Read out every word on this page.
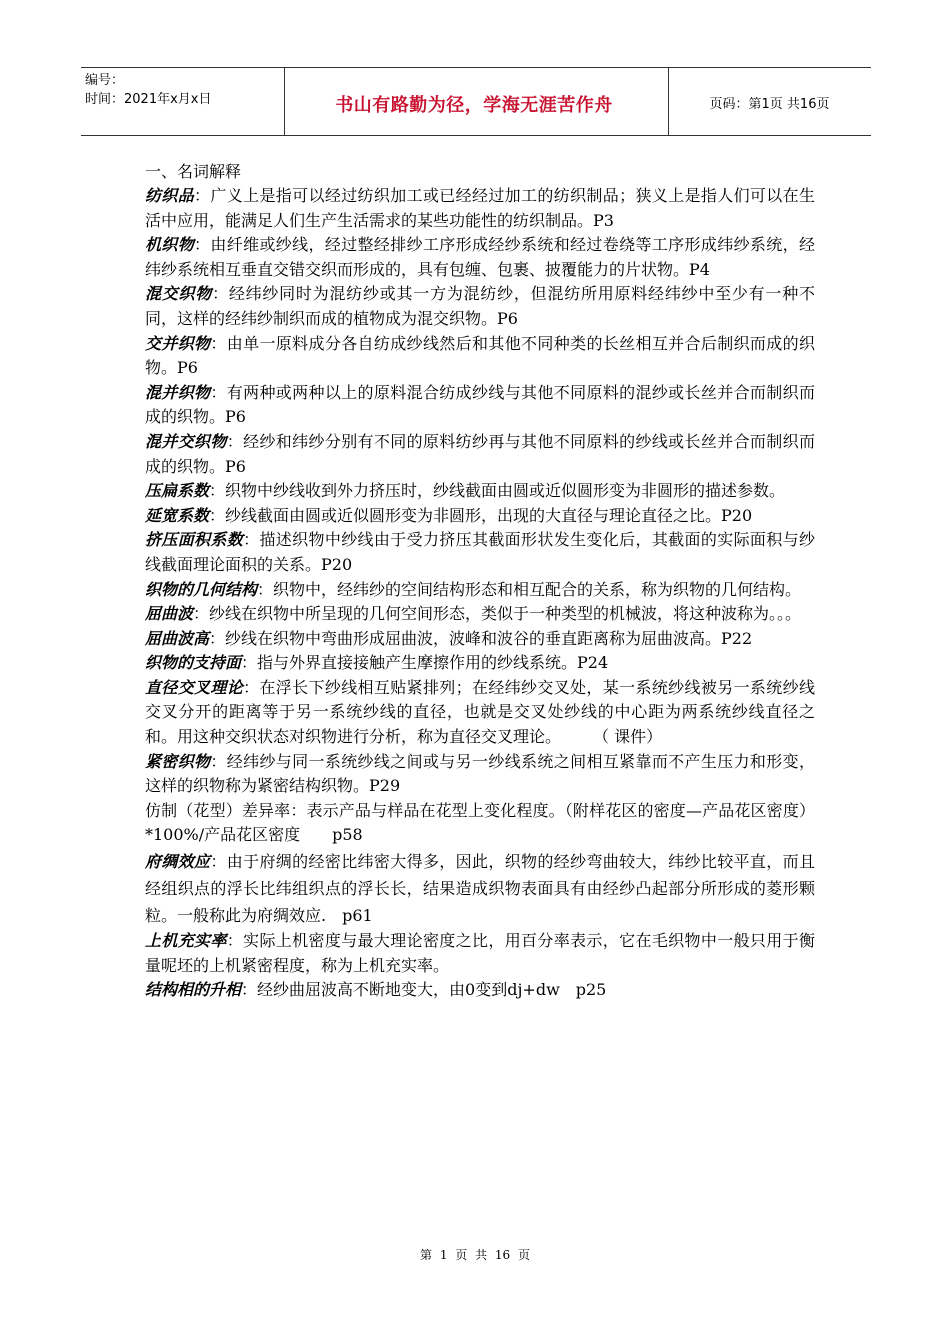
编号：
时间：2021年x月x日	书山有路勤为径，学海无涯苦作舟	页码：第1页 共16页
一、名词解释
纺织品：广义上是指可以经过纺织加工或已经经过加工的纺织制品；狭义上是指人们可以在生活中应用，能满足人们生产生活需求的某些功能性的纺织制品。P3
机织物：由纤维或纱线，经过整经排纱工序形成经纱系统和经过卷绕等工序形成纬纱系统，经纬纱系统相互垂直交错交织而形成的，具有包缠、包裹、披覆能力的片状物。P4
混交织物：经纬纱同时为混纺纱或其一方为混纺纱，但混纺所用原料经纬纱中至少有一种不同，这样的经纬纱制织而成的植物成为混交织物。P6
交并织物：由单一原料成分各自纺成纱线然后和其他不同种类的长丝相互并合后制织而成的织物。P6
混并织物：有两种或两种以上的原料混合纺成纱线与其他不同原料的混纱或长丝并合而制织而成的织物。P6
混并交织物：经纱和纬纱分别有不同的原料纺纱再与其他不同原料的纱线或长丝并合而制织而成的织物。P6
压扁系数：织物中纱线收到外力挤压时，纱线截面由圆或近似圆形变为非圆形的描述参数。
延宽系数：纱线截面由圆或近似圆形变为非圆形，出现的大直径与理论直径之比。P20
挤压面积系数：描述织物中纱线由于受力挤压其截面形状发生变化后，其截面的实际面积与纱线截面理论面积的关系。P20
织物的几何结构：织物中，经纬纱的空间结构形态和相互配合的关系，称为织物的几何结构。
屈曲波：纱线在织物中所呈现的几何空间形态，类似于一种类型的机械波，将这种波称为。。。
屈曲波高：纱线在织物中弯曲形成屈曲波，波峰和波谷的垂直距离称为屈曲波高。P22
织物的支持面：指与外界直接接触产生摩擦作用的纱线系统。P24
直径交叉理论：在浮长下纱线相互贴紧排列；在经纬纱交叉处，某一系统纱线被另一系统纱线交叉分开的距离等于另一系统纱线的直径，也就是交叉处纱线的中心距为两系统纱线直径之和。用这种交织状态对织物进行分析，称为直径交叉理论。　　　（ 课件）
紧密织物：经纬纱与同一系统纱线之间或与另一纱线系统之间相互紧靠而不产生压力和形变，这样的织物称为紧密结构织物。P29
仿制（花型）差异率：表示产品与样品在花型上变化程度。（附样花区的密度—产品花区密度）*100%/产品花区密度　　p58
府绸效应：由于府绸的经密比纬密大得多，因此，织物的经纱弯曲较大，纬纱比较平直，而且经组织点的浮长比纬组织点的浮长长，结果造成织物表面具有由经纱凸起部分所形成的菱形颗粒。一般称此为府绸效应.　p61
上机充实率：实际上机密度与最大理论密度之比，用百分率表示，它在毛织物中一般只用于衡量呢坯的上机紧密程度，称为上机充实率。
结构相的升相：经纱曲屈波高不断地变大，由0变到dj+dw　p25
第 1 页 共 16 页
